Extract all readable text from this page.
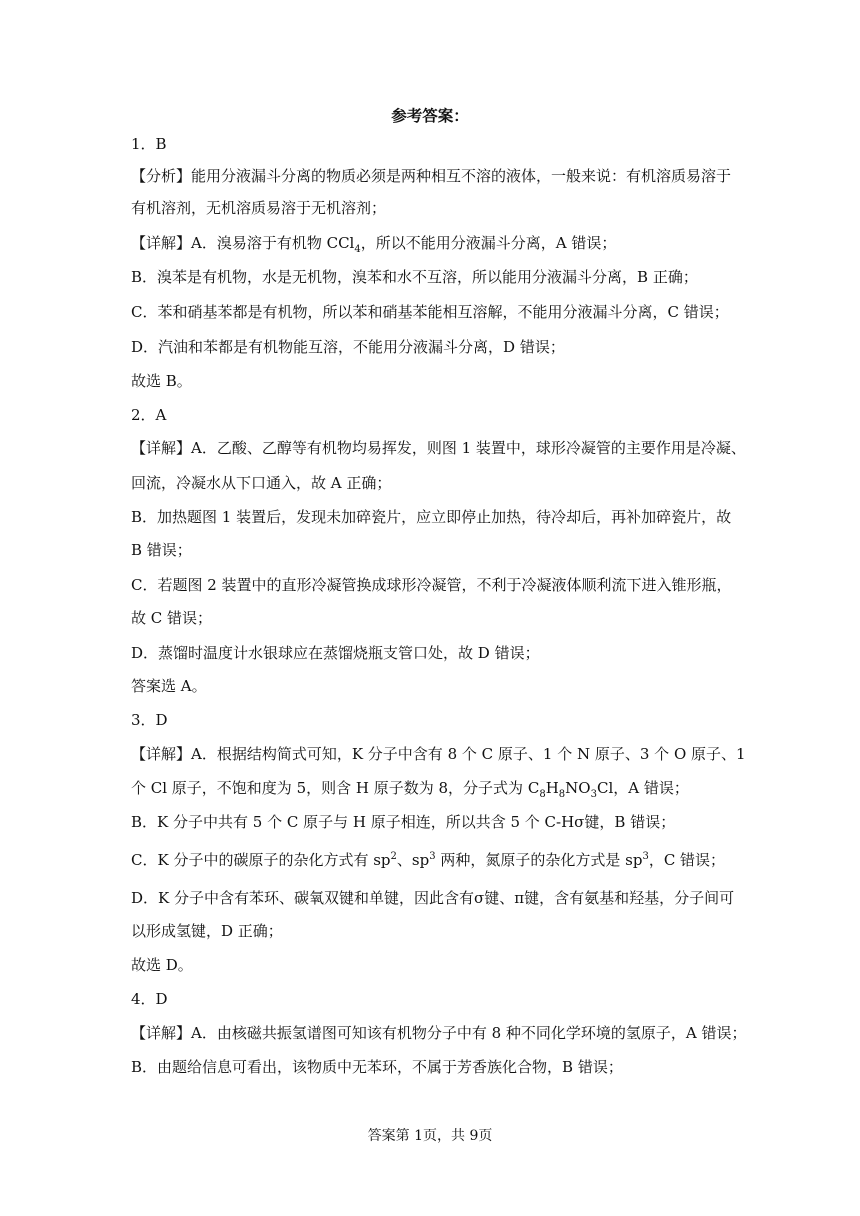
参考答案：
1．B
【分析】能用分液漏斗分离的物质必须是两种相互不溶的液体，一般来说：有机溶质易溶于
有机溶剂，无机溶质易溶于无机溶剂；
【详解】A．溴易溶于有机物 CCl$_4$，所以不能用分液漏斗分离，A 错误；
B．溴苯是有机物，水是无机物，溴苯和水不互溶，所以能用分液漏斗分离，B 正确；
C．苯和硝基苯都是有机物，所以苯和硝基苯能相互溶解，不能用分液漏斗分离，C 错误；
D．汽油和苯都是有机物能互溶，不能用分液漏斗分离，D 错误；
故选 B。
2．A
【详解】A．乙酸、乙醇等有机物均易挥发，则图 1 装置中，球形冷凝管的主要作用是冷凝、
回流，冷凝水从下口通入，故 A 正确；
B．加热题图 1 装置后，发现未加碎瓷片，应立即停止加热，待冷却后，再补加碎瓷片，故
B 错误；
C．若题图 2 装置中的直形冷凝管换成球形冷凝管，不利于冷凝液体顺利流下进入锥形瓶，
故 C 错误；
D．蒸馏时温度计水银球应在蒸馏烧瓶支管口处，故 D 错误；
答案选 A。
3．D
【详解】A．根据结构简式可知，K 分子中含有 8 个 C 原子、1 个 N 原子、3 个 O 原子、1
个 Cl 原子，不饱和度为 5，则含 H 原子数为 8，分子式为 $C_8H_8NO_3Cl$，A 错误；
B．K 分子中共有 5 个 C 原子与 H 原子相连，所以共含 5 个 C-Hσ键，B 错误；
C．K 分子中的碳原子的杂化方式有 $sp^2$、$sp^3$ 两种，氮原子的杂化方式是 $sp^3$，C 错误；
D．K 分子中含有苯环、碳氧双键和单键，因此含有σ键、π键，含有氨基和羟基，分子间可
以形成氢键，D 正确；
故选 D。
4．D
【详解】A．由核磁共振氢谱图可知该有机物分子中有 8 种不同化学环境的氢原子，A 错误；
B．由题给信息可看出，该物质中无苯环，不属于芳香族化合物，B 错误；
答案第 1页，共 9页
